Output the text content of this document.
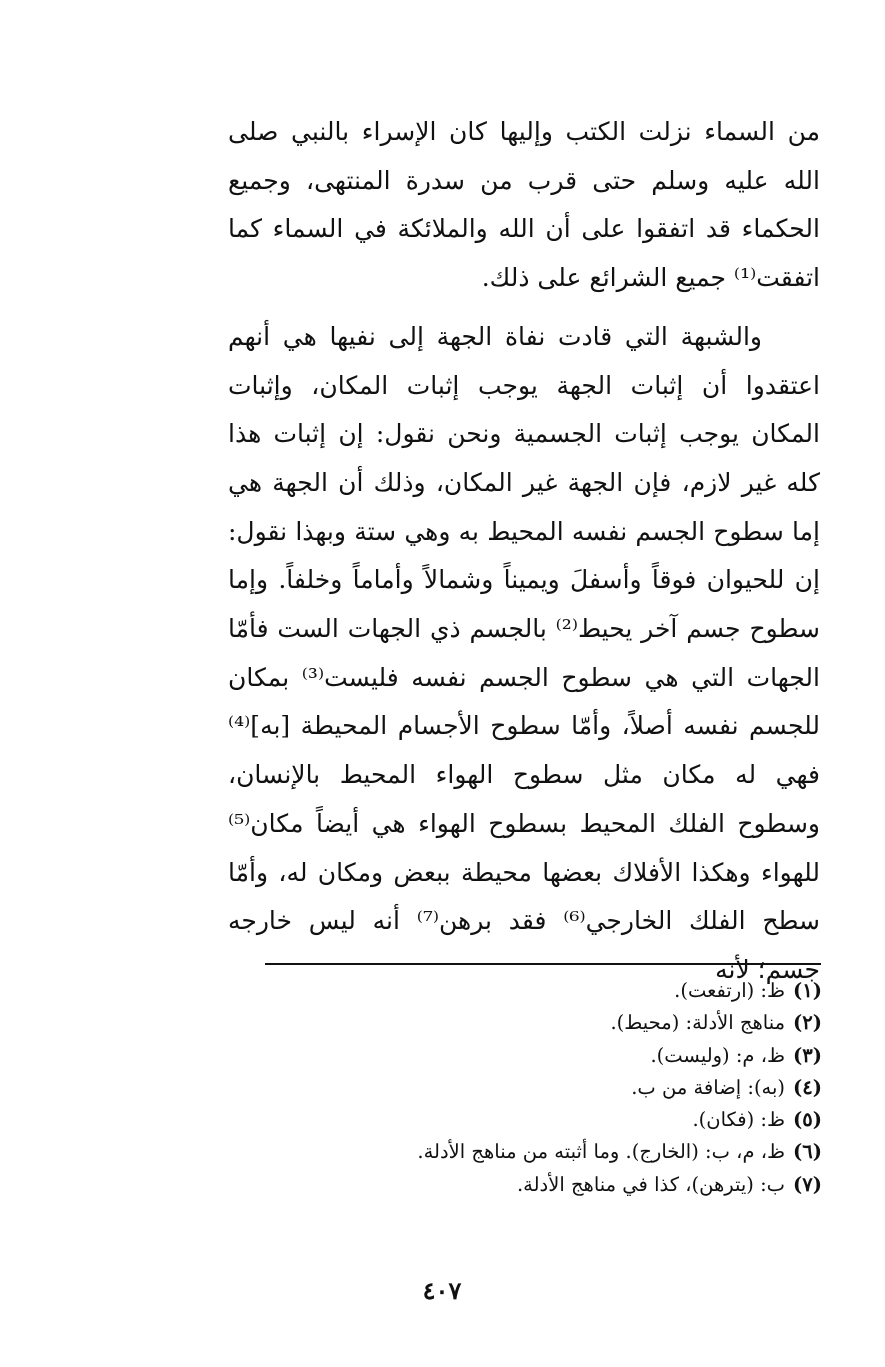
من السماء نزلت الكتب وإليها كان الإسراء بالنبي صلى الله عليه وسلم حتى قرب من سدرة المنتهى، وجميع الحكماء قد اتفقوا على أن الله والملائكة في السماء كما اتفقت⁽¹⁾ جميع الشرائع على ذلك.

والشبهة التي قادت نفاة الجهة إلى نفيها هي أنهم اعتقدوا أن إثبات الجهة يوجب إثبات المكان، وإثبات المكان يوجب إثبات الجسمية ونحن نقول: إن إثبات هذا كله غير لازم، فإن الجهة غير المكان، وذلك أن الجهة هي إما سطوح الجسم نفسه المحيط به وهي ستة وبهذا نقول: إن للحيوان فوقاً وأسفلَ ويميناً وشمالاً وأماماً وخلفاً. وإما سطوح جسم آخر يحيط⁽²⁾ بالجسم ذي الجهات الست فأمّا الجهات التي هي سطوح الجسم نفسه فليست⁽³⁾ بمكان للجسم نفسه أصلاً، وأمّا سطوح الأجسام المحيطة [به]⁽⁴⁾ فهي له مكان مثل سطوح الهواء المحيط بالإنسان، وسطوح الفلك المحيط بسطوح الهواء هي أيضاً مكان⁽⁵⁾ للهواء وهكذا الأفلاك بعضها محيطة ببعض ومكان له، وأمّا سطح الفلك الخارجي⁽⁶⁾ فقد برهن⁽⁷⁾ أنه ليس خارجه جسم؛ لأنه

(١)ظ: (ارتفعت).
(٢)مناهج الأدلة: (محيط).
(٣)ظ، م: (وليست).
(٤)(به): إضافة من ب.
(٥)ظ: (فكان).
(٦)ظ، م، ب: (الخارج). وما أثبته من مناهج الأدلة.
(٧)ب: (يترهن)، كذا في مناهج الأدلة.
٤٠٧
